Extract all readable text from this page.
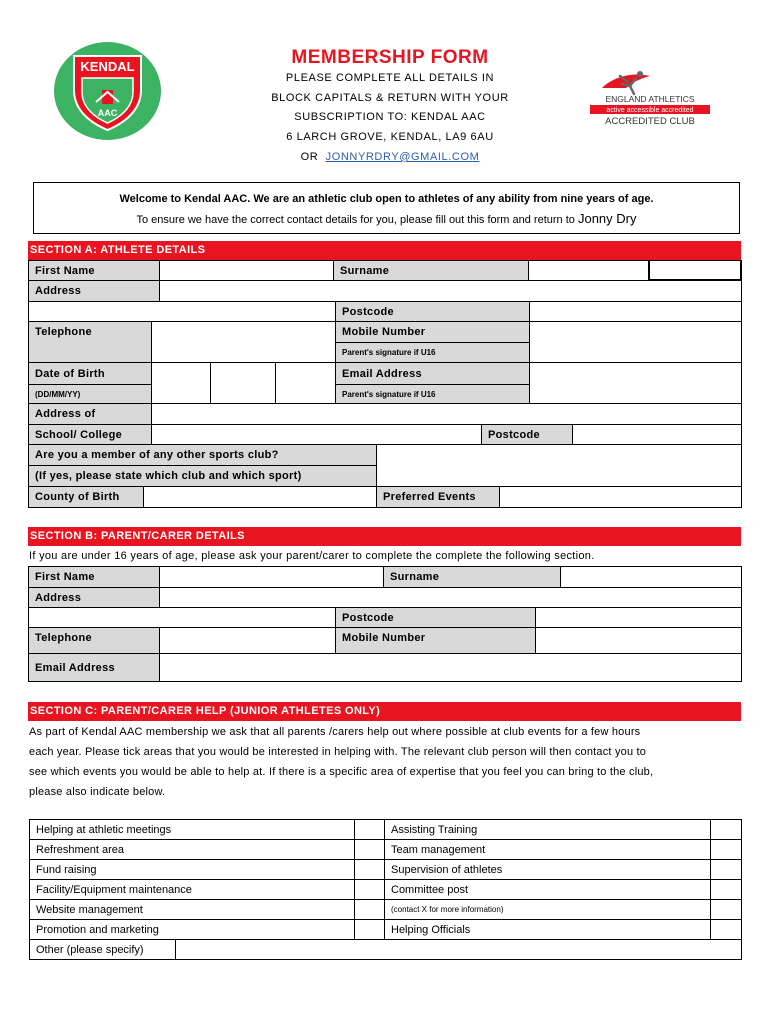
KENDAL
AAC
MEMBERSHIP FORM
PLEASE COMPLETE ALL DETAILS IN
BLOCK CAPITALS & RETURN WITH YOUR
SUBSCRIPTION TO: KENDAL AAC
6 LARCH GROVE, KENDAL, LA9 6AU
OR JONNYRDRY@GMAIL.COM
ENGLAND ATHLETICS
active accessible accredited
ACCREDITED CLUB
Welcome to Kendal AAC. We are an athletic club open to athletes of any ability from nine years of age.
To ensure we have the correct contact details for you, please fill out this form and return to Jonny Dry
SECTION A: ATHLETE DETAILS
First Name		Surname		
Address			
		Postcode	
Telephone		Mobile Number	
Parent's signature if U16
Date of Birth				Email Address	
(DD/MM/YY)				Parent's signature if U16	
Address of			
School/ College		Postcode	
Are you a member of any other sports club?			
(If yes, please state which club and which sport)			
County of Birth		Preferred Events	
SECTION B: PARENT/CARER DETAILS
If you are under 16 years of age, please ask your parent/carer to complete the complete the following section.
First Name		Surname	
Address			
		Postcode	
Telephone		Mobile Number	
Email Address			
SECTION C: PARENT/CARER HELP (JUNIOR ATHLETES ONLY)
As part of Kendal AAC membership we ask that all parents /carers help out where possible at club events for a few hours
each year. Please tick areas that you would be interested in helping with. The relevant club person will then contact you to
see which events you would be able to help at. If there is a specific area of expertise that you feel you can bring to the club,
please also indicate below.
Helping at athletic meetings		Assisting Training	
Refreshment area		Team management	
Fund raising		Supervision of athletes	
Facility/Equipment maintenance		Committee post	
Website management		(contact X for more information)	
Promotion and marketing		Helping Officials	
Other (please specify)	
